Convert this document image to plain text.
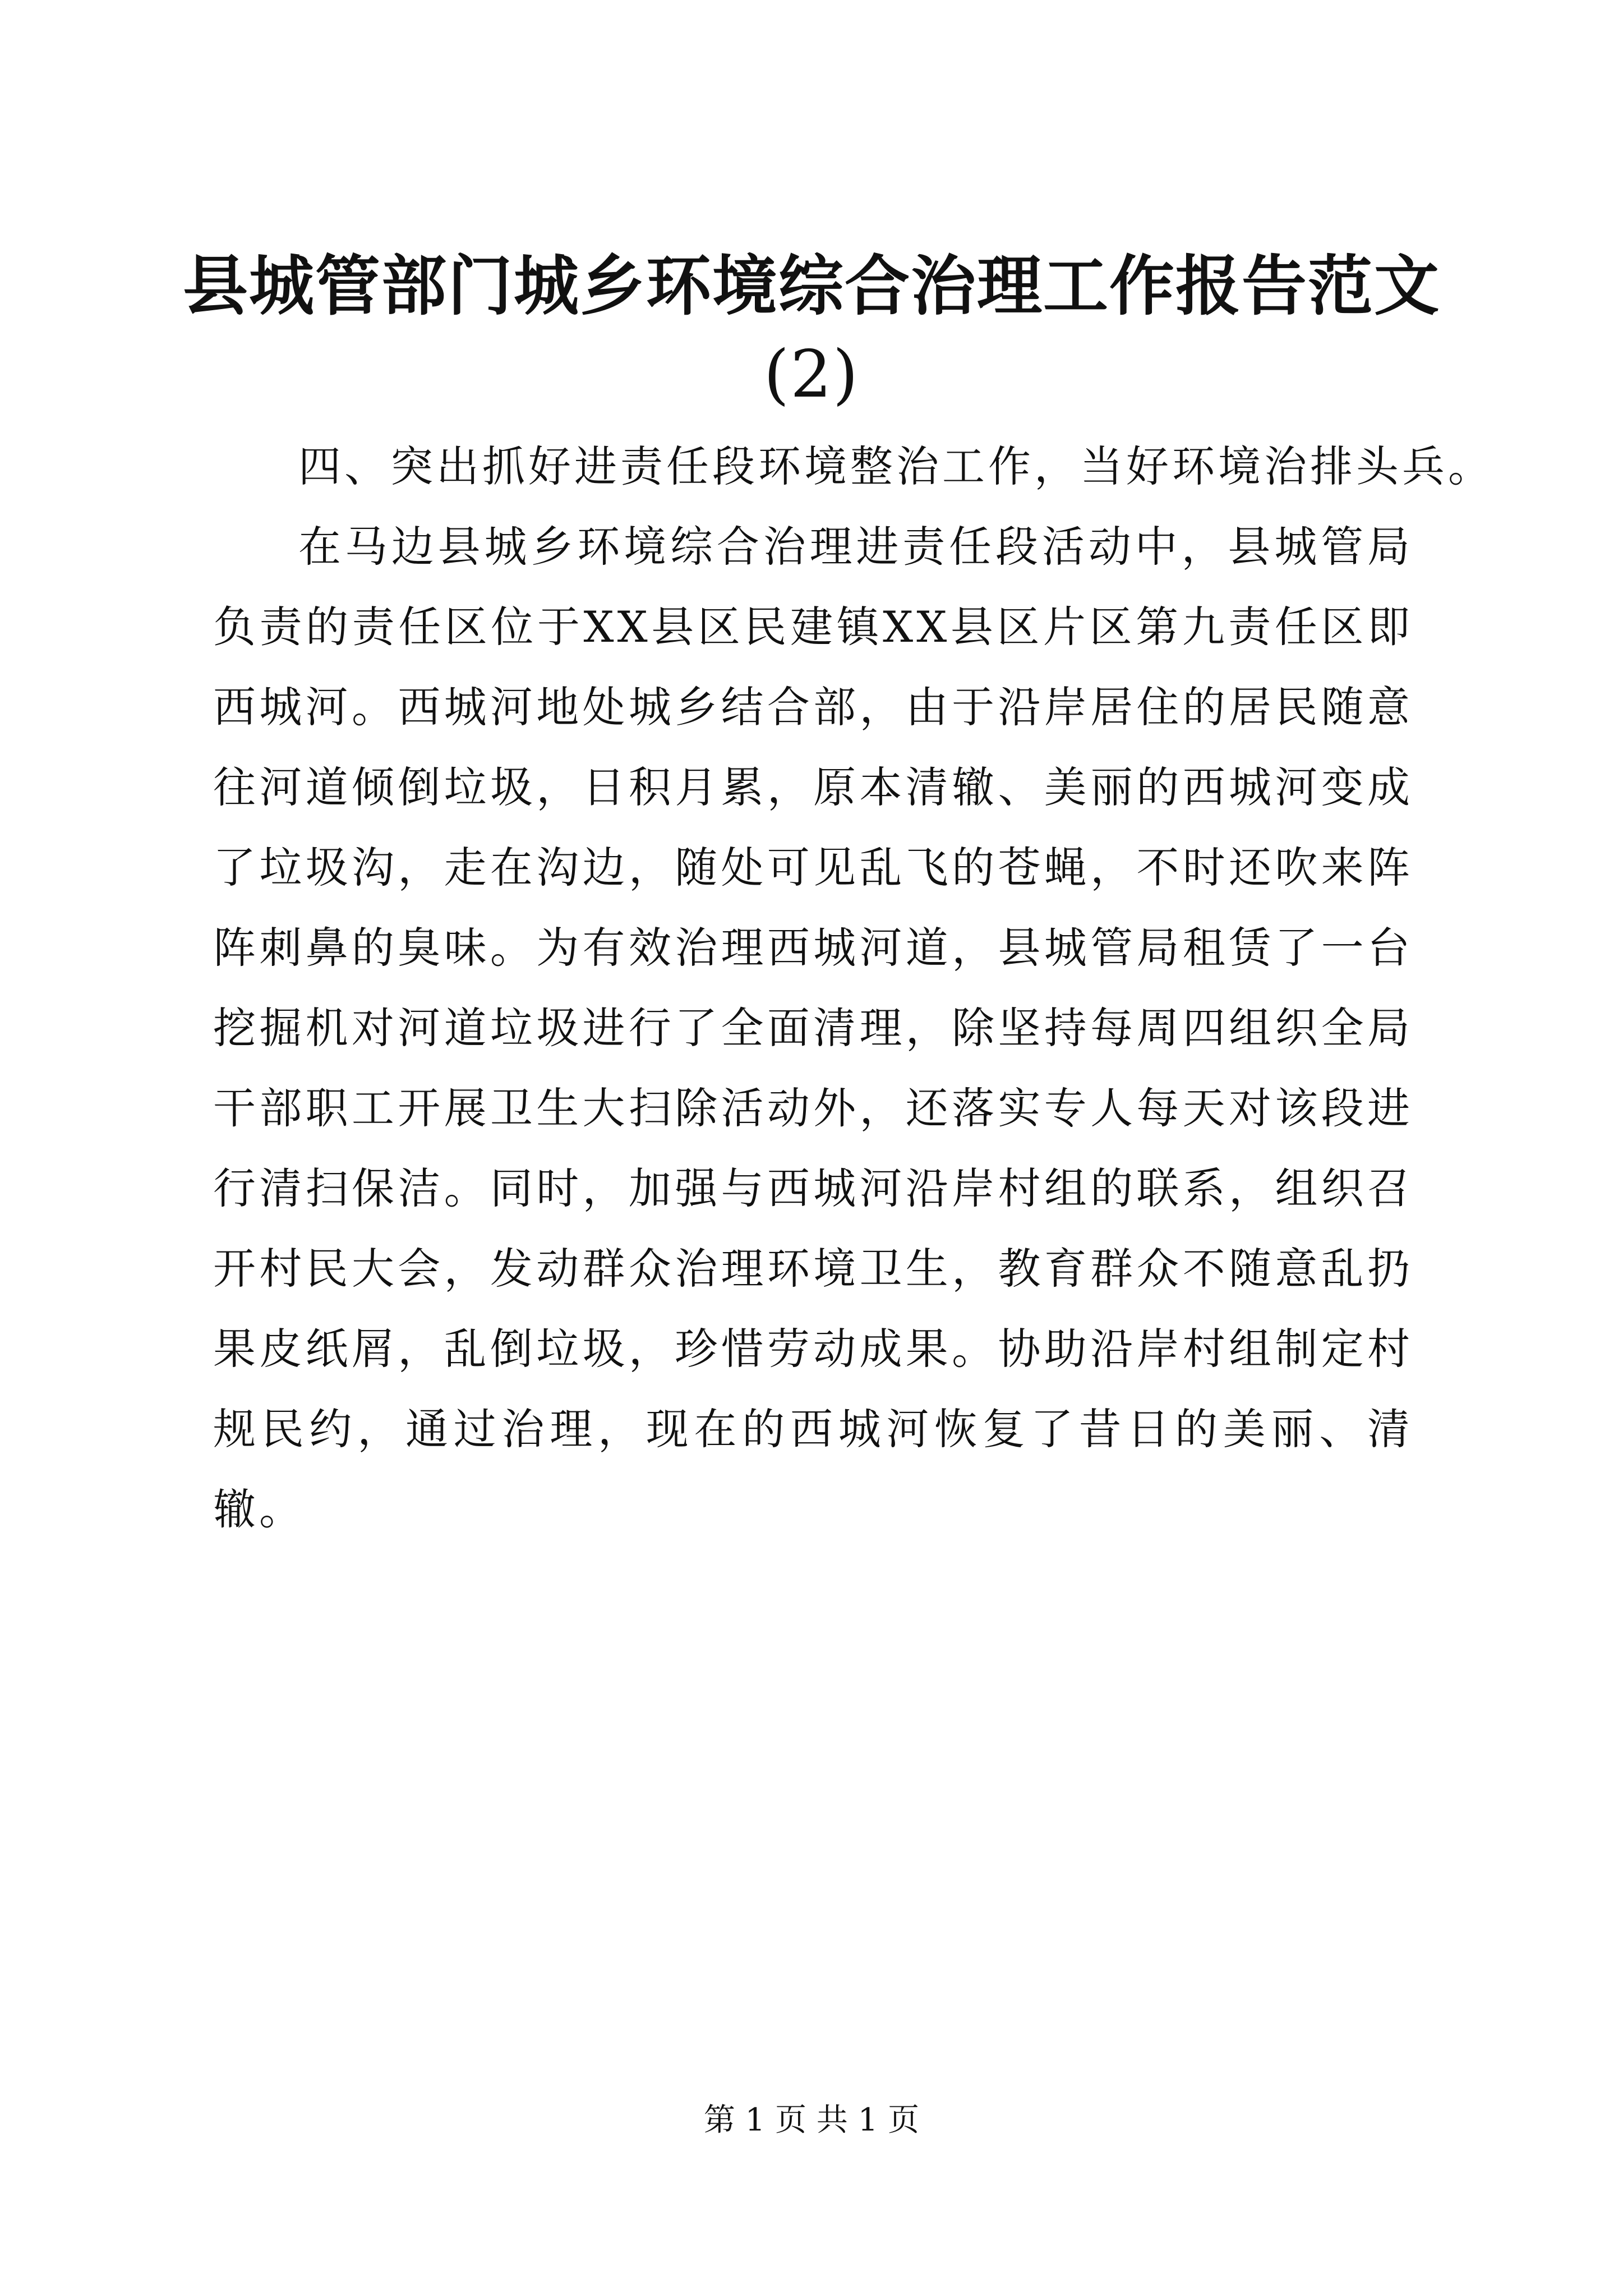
县城管部门城乡环境综合治理工作报告范文
(2)

四、突出抓好进责任段环境整治工作，当好环境治排头兵。

在马边县城乡环境综合治理进责任段活动中，县城管局负责的责任区位于XX县区民建镇XX县区片区第九责任区即西城河。西城河地处城乡结合部，由于沿岸居住的居民随意往河道倾倒垃圾，日积月累，原本清辙、美丽的西城河变成了垃圾沟，走在沟边，随处可见乱飞的苍蝇，不时还吹来阵阵刺鼻的臭味。为有效治理西城河道，县城管局租赁了一台挖掘机对河道垃圾进行了全面清理，除坚持每周四组织全局干部职工开展卫生大扫除活动外，还落实专人每天对该段进行清扫保洁。同时，加强与西城河沿岸村组的联系，组织召开村民大会，发动群众治理环境卫生，教育群众不随意乱扔果皮纸屑，乱倒垃圾，珍惜劳动成果。协助沿岸村组制定村规民约，通过治理，现在的西城河恢复了昔日的美丽、清辙。

第 1 页 共 1 页
